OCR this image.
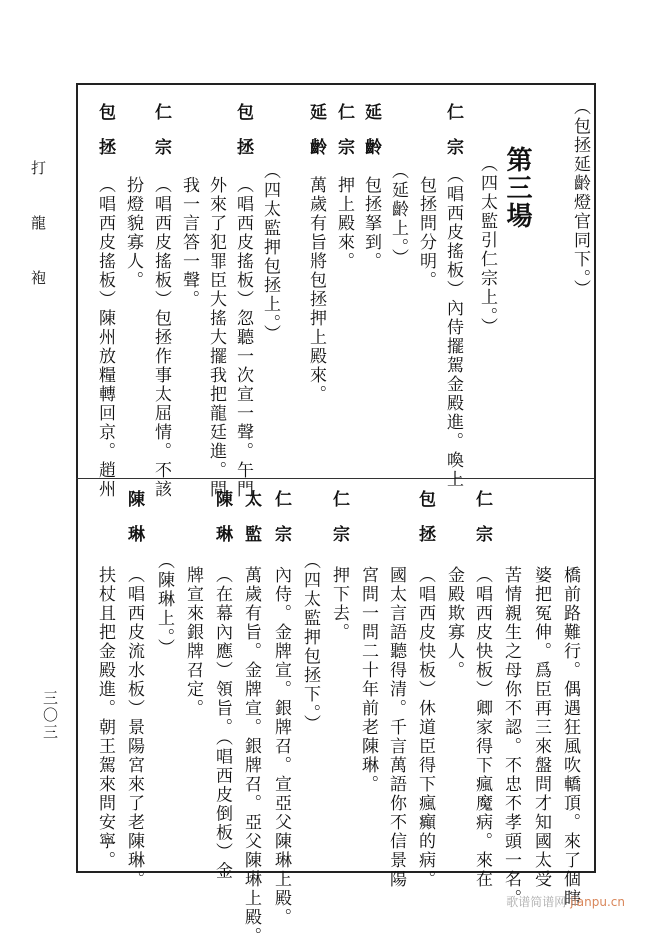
打龍袍
三〇三
（包拯延齡燈官同下。）
第三場
（四太監引仁宗上。）
仁宗
（唱西皮搖板）內侍擺駕金殿進。喚上
包拯問分明。
（延齡上。）
延齡
包拯拏到。
仁宗
押上殿來。
延齡
萬歲有旨將包拯押上殿來。
（四太監押包拯上。）
包拯
（唱西皮搖板）忽聽一次宣一聲。午門
外來了犯罪臣大搖大擺我把龍廷進。問
我一言答一聲。
仁宗
（唱西皮搖板）包拯作事太屈情。不該
扮燈貌寡人。
包拯
（唱西皮搖板）陳州放糧轉回京。趙州
橋前路難行。偶遇狂風吹轎頂。來了個瞎
婆把冤伸。爲臣再三來盤問才知國太受
苦情親生之母你不認。不忠不孝頭一名。
仁宗
（唱西皮快板）卿家得下瘋魔病。來在
金殿欺寡人。
包拯
（唱西皮快板）休道臣得下瘋癲的病。
國太言語聽得清。千言萬語你不信景陽
宮問一問二十年前老陳琳。
仁宗
押下去。
（四太監押包拯下。）
仁宗
內侍。金牌宣。銀牌召。宣亞父陳琳上殿。
太監
萬歲有旨。金牌宣。銀牌召。亞父陳琳上殿。
陳琳
（在幕內應）領旨。（唱西皮倒板）金
牌宣來銀牌召定。
（陳琳上。）
陳琳
（唱西皮流水板）景陽宮來了老陳琳。
扶杖且把金殿進。朝王駕來問安寧。
歌谱简谱网 jianpu.cn
